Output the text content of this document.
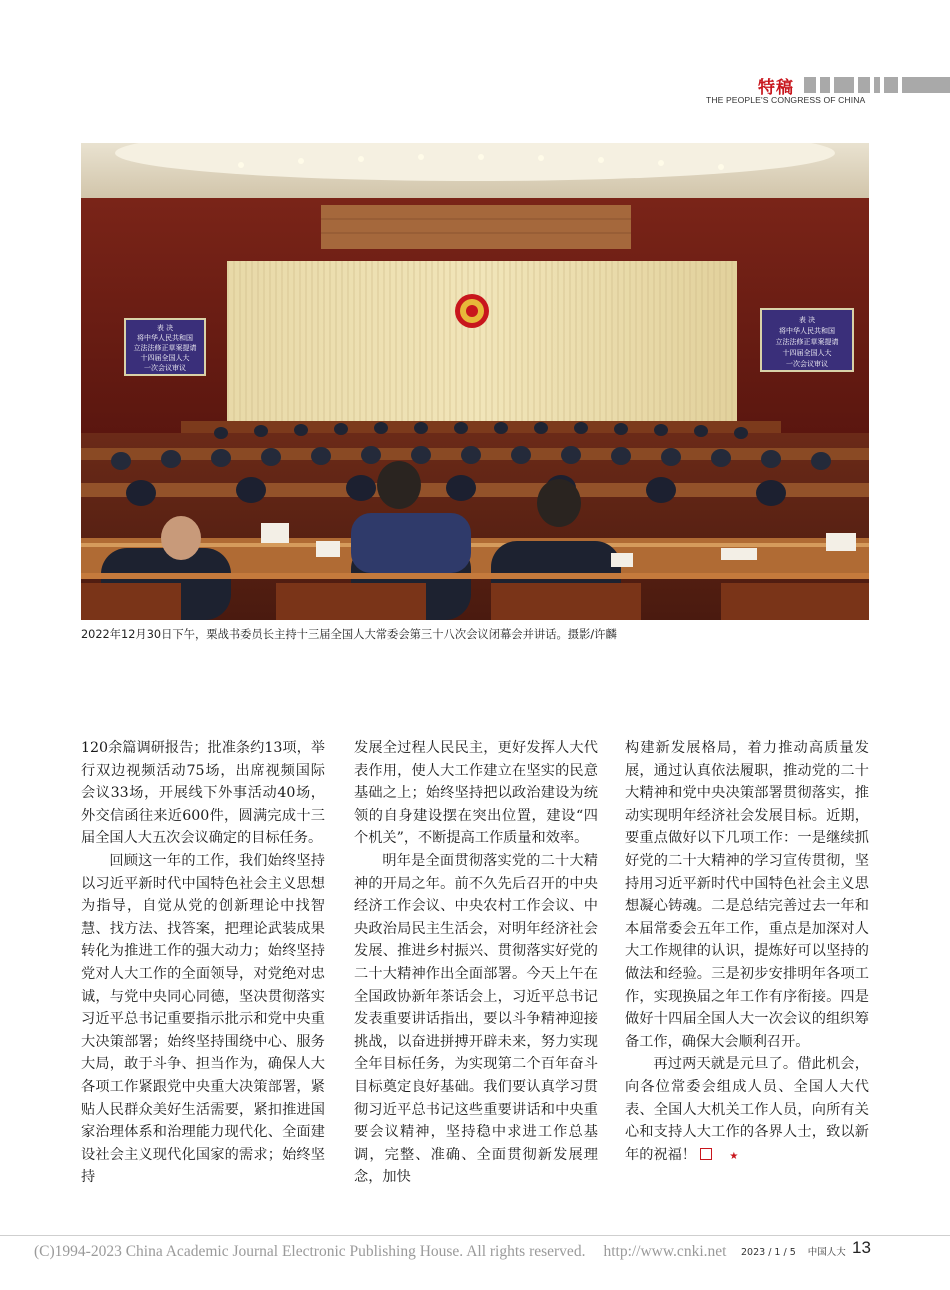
特稿
THE PEOPLE'S CONGRESS OF CHINA
表 决
将中华人民共和国
立法法修正草案提请
十四届全国人大
一次会议审议
表 决
将中华人民共和国
立法法修正草案提请
十四届全国人大
一次会议审议
2022年12月30日下午，栗战书委员长主持十三届全国人大常委会第三十八次会议闭幕会并讲话。摄影/许麟

120余篇调研报告；批准条约13项，举行双边视频活动75场，出席视频国际会议33场，开展线下外事活动40场，外交信函往来近600件，圆满完成十三届全国人大五次会议确定的目标任务。

回顾这一年的工作，我们始终坚持以习近平新时代中国特色社会主义思想为指导，自觉从党的创新理论中找智慧、找方法、找答案，把理论武装成果转化为推进工作的强大动力；始终坚持党对人大工作的全面领导，对党绝对忠诚，与党中央同心同德，坚决贯彻落实习近平总书记重要指示批示和党中央重大决策部署；始终坚持围绕中心、服务大局，敢于斗争、担当作为，确保人大各项工作紧跟党中央重大决策部署，紧贴人民群众美好生活需要，紧扣推进国家治理体系和治理能力现代化、全面建设社会主义现代化国家的需求；始终坚持

发展全过程人民民主，更好发挥人大代表作用，使人大工作建立在坚实的民意基础之上；始终坚持把以政治建设为统领的自身建设摆在突出位置，建设“四个机关”，不断提高工作质量和效率。

明年是全面贯彻落实党的二十大精神的开局之年。前不久先后召开的中央经济工作会议、中央农村工作会议、中央政治局民主生活会，对明年经济社会发展、推进乡村振兴、贯彻落实好党的二十大精神作出全面部署。今天上午在全国政协新年茶话会上，习近平总书记发表重要讲话指出，要以斗争精神迎接挑战，以奋进拼搏开辟未来，努力实现全年目标任务，为实现第二个百年奋斗目标奠定良好基础。我们要认真学习贯彻习近平总书记这些重要讲话和中央重要会议精神，坚持稳中求进工作总基调，完整、准确、全面贯彻新发展理念，加快

构建新发展格局，着力推动高质量发展，通过认真依法履职，推动党的二十大精神和党中央决策部署贯彻落实，推动实现明年经济社会发展目标。近期，要重点做好以下几项工作：一是继续抓好党的二十大精神的学习宣传贯彻，坚持用习近平新时代中国特色社会主义思想凝心铸魂。二是总结完善过去一年和本届常委会五年工作，重点是加深对人大工作规律的认识，提炼好可以坚持的做法和经验。三是初步安排明年各项工作，实现换届之年工作有序衔接。四是做好十四届全国人大一次会议的组织筹备工作，确保大会顺利召开。

再过两天就是元旦了。借此机会，向各位常委会组成人员、全国人大代表、全国人大机关工作人员，向所有关心和支持人大工作的各界人士，致以新年的祝福！★

2023 / 1 / 5 中国人大 13
(C)1994-2023 China Academic Journal Electronic Publishing House. All rights reserved. http://www.cnki.net
